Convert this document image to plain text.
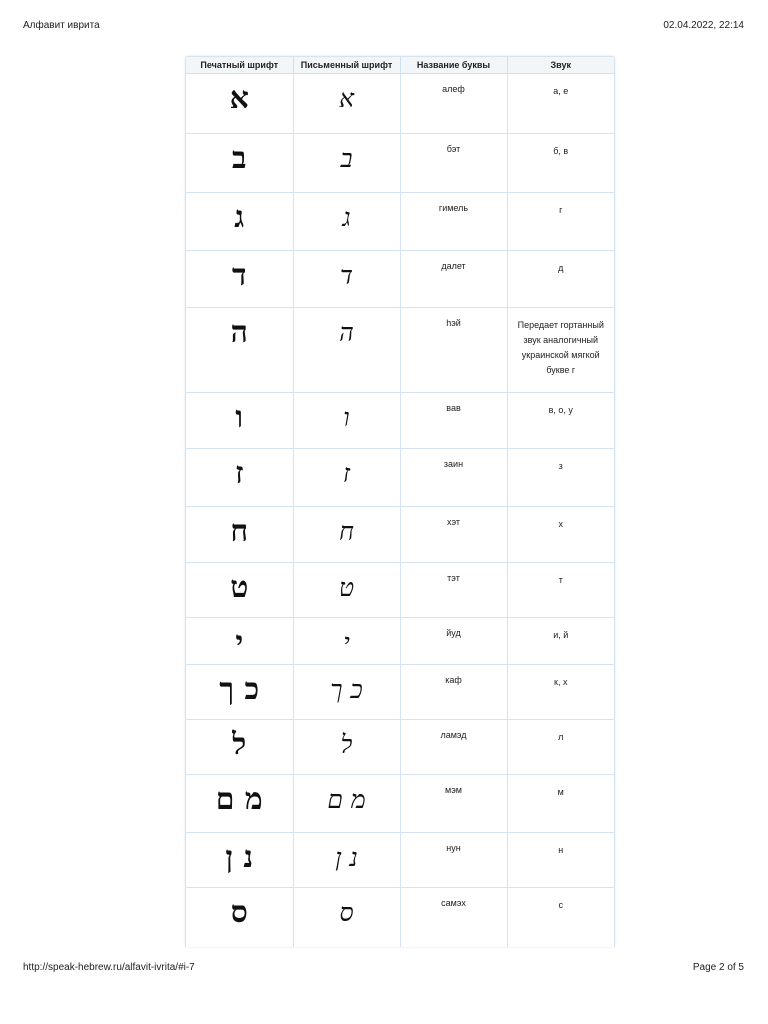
Алфавит иврита	02.04.2022, 22:14
Печатный шрифт	Письменный шрифт	Название буквы	Звук

א	א	алеф	а, е

ב	ב	бэт	б, в

ג	ג	гимель	г

ד	ד	далет	д

ה	ה	hэй	Передает гортанный звук аналогичный украинской мягкой букве г

ו	ו	вав	в, о, у

ז	ז	заин	з

ח	ח	хэт	х

ט	ט	тэт	т

י	י	йуд	и, й

כ ך	כ ך	каф	к, х

ל	ל	ламэд	л

מ ם	מ ם	мэм	м

נ ן	נ ן	нун	н

ס	ס	самэх	с
http://speak-hebrew.ru/alfavit-ivrita/#i-7	Page 2 of 5
